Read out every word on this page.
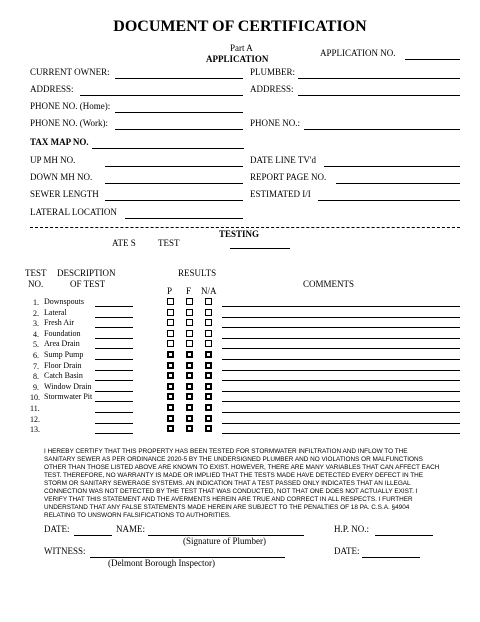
DOCUMENT OF CERTIFICATION
Part A
APPLICATION
APPLICATION NO.
CURRENT OWNER:
ADDRESS:
PHONE NO. (Home):
PHONE NO. (Work):
TAX MAP NO.
UP MH NO.
DOWN MH NO.
SEWER LENGTH
LATERAL LOCATION
PLUMBER:
ADDRESS:
PHONE NO.:
DATE LINE TV'd
REPORT PAGE NO.
ESTIMATED I/I
TESTING
ATE S TEST
TEST
NO.
DESCRIPTION
OF TEST
RESULTS
P F N/A
COMMENTS
1. Downspouts
2. Lateral
3. Fresh Air
4. Foundation
5. Area Drain
6. Sump Pump
7. Floor Drain
8. Catch Basin
9. Window Drain
10. Stormwater Pit
11.
12.
13.
I HEREBY CERTIFY THAT THIS PROPERTY HAS BEEN TESTED FOR STORMWATER INFILTRATION AND INFLOW TO THE
SANITARY SEWER AS PER ORDINANCE 2020-5 BY THE UNDERSIGNED PLUMBER AND NO VIOLATIONS OR MALFUNCTIONS
OTHER THAN THOSE LISTED ABOVE ARE KNOWN TO EXIST. HOWEVER, THERE ARE MANY VARIABLES THAT CAN AFFECT EACH
TEST. THEREFORE, NO WARRANTY IS MADE OR IMPLIED THAT THE TESTS MADE HAVE DETECTED EVERY DEFECT IN THE
STORM OR SANITARY SEWERAGE SYSTEMS. AN INDICATION THAT A TEST PASSED ONLY INDICATES THAT AN ILLEGAL
CONNECTION WAS NOT DETECTED BY THE TEST THAT WAS CONDUCTED, NOT THAT ONE DOES NOT ACTUALLY EXIST. I
VERIFY THAT THIS STATEMENT AND THE AVERMENTS HEREIN ARE TRUE AND CORRECT IN ALL RESPECTS. I FURTHER
UNDERSTAND THAT ANY FALSE STATEMENTS MADE HEREIN ARE SUBJECT TO THE PENALTIES OF 18 PA. C.S.A. §4904
RELATING TO UNSWORN FALSIFICATIONS TO AUTHORITIES.
DATE:	NAME:
(Signature of Plumber)
H.P. NO.:
WITNESS:
(Delmont Borough Inspector)
DATE:
